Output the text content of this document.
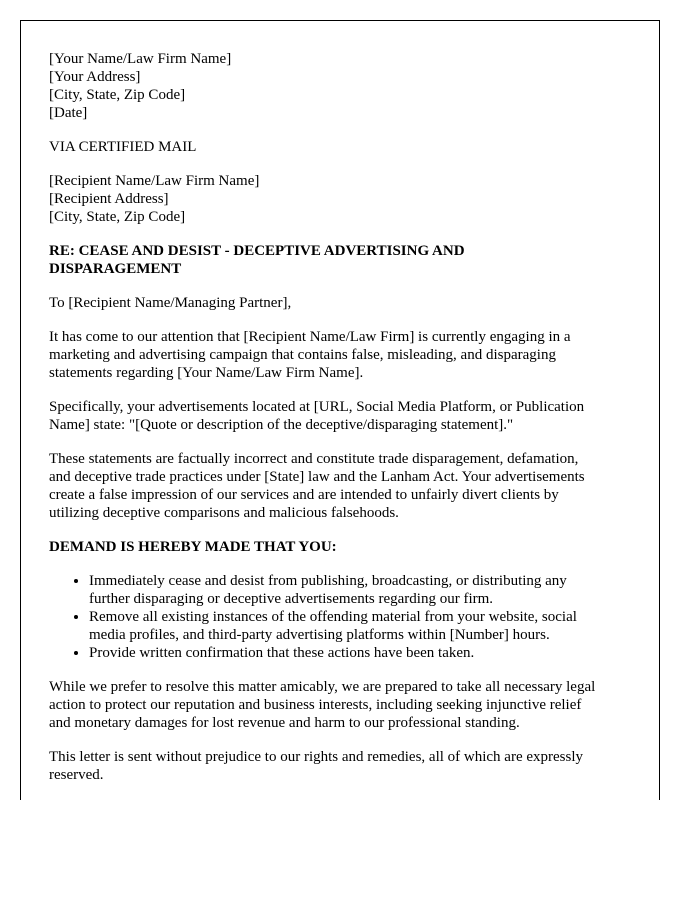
[Your Name/Law Firm Name]
[Your Address]
[City, State, Zip Code]
[Date]
VIA CERTIFIED MAIL
[Recipient Name/Law Firm Name]
[Recipient Address]
[City, State, Zip Code]
RE: CEASE AND DESIST - DECEPTIVE ADVERTISING AND
DISPARAGEMENT
To [Recipient Name/Managing Partner],
It has come to our attention that [Recipient Name/Law Firm] is currently engaging in a
marketing and advertising campaign that contains false, misleading, and disparaging
statements regarding [Your Name/Law Firm Name].
Specifically, your advertisements located at [URL, Social Media Platform, or Publication
Name] state: "[Quote or description of the deceptive/disparaging statement]."
These statements are factually incorrect and constitute trade disparagement, defamation,
and deceptive trade practices under [State] law and the Lanham Act. Your advertisements
create a false impression of our services and are intended to unfairly divert clients by
utilizing deceptive comparisons and malicious falsehoods.
DEMAND IS HEREBY MADE THAT YOU:
• Immediately cease and desist from publishing, broadcasting, or distributing any
further disparaging or deceptive advertisements regarding our firm.
• Remove all existing instances of the offending material from your website, social
media profiles, and third-party advertising platforms within [Number] hours.
• Provide written confirmation that these actions have been taken.
While we prefer to resolve this matter amicably, we are prepared to take all necessary legal
action to protect our reputation and business interests, including seeking injunctive relief
and monetary damages for lost revenue and harm to our professional standing.
This letter is sent without prejudice to our rights and remedies, all of which are expressly
reserved.
